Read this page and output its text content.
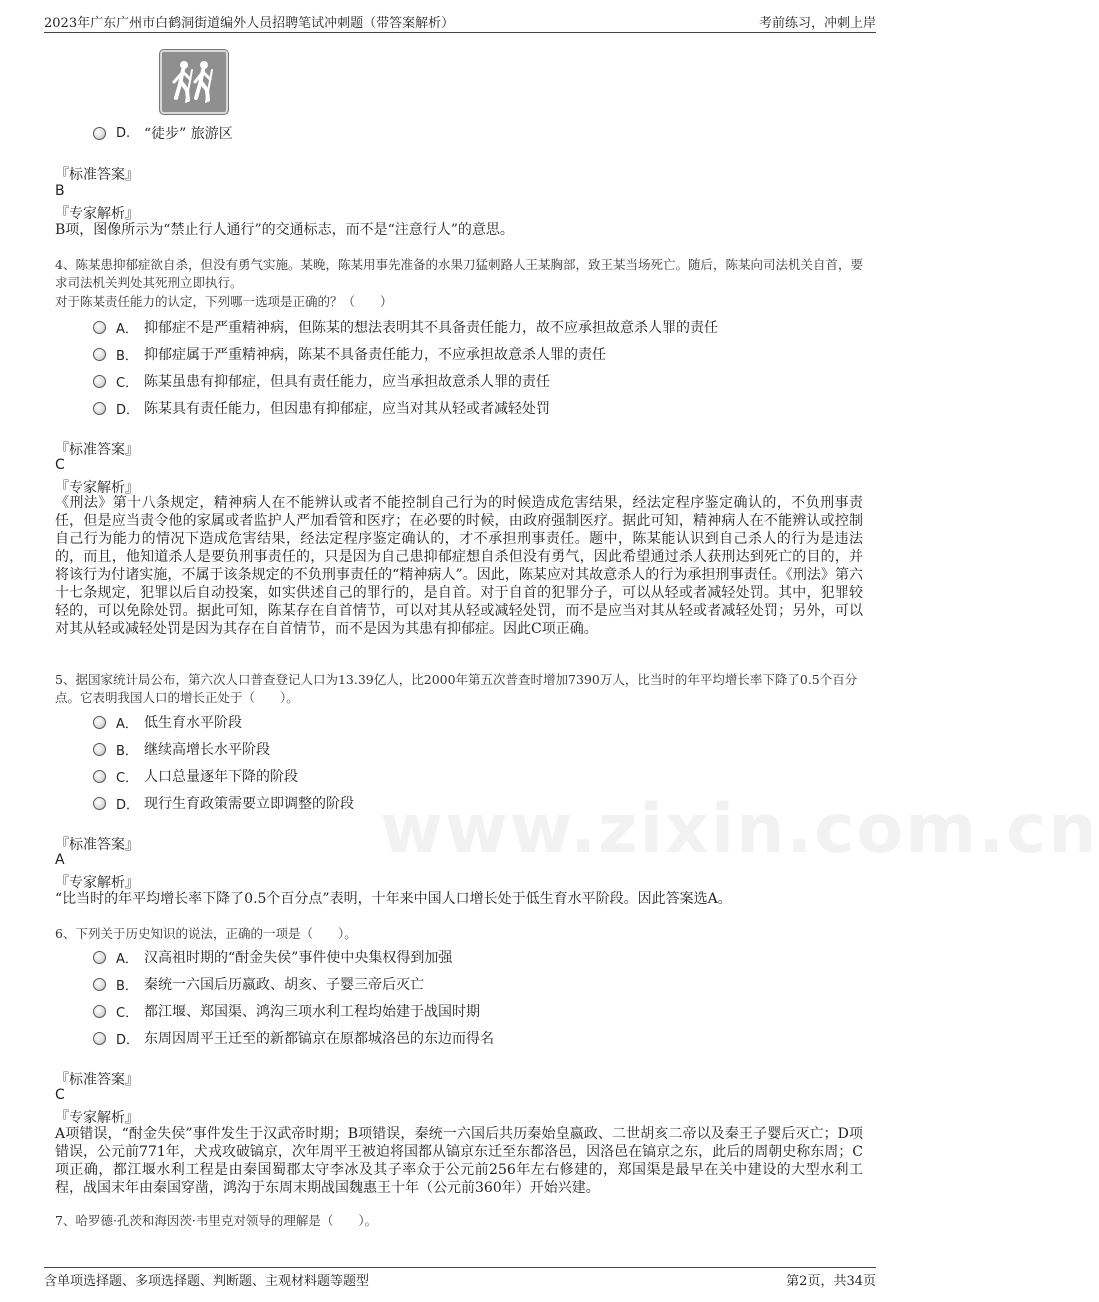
2023年广东广州市白鹤洞街道编外人员招聘笔试冲刺题（带答案解析）	考前练习，冲刺上岸
www.zixin.com.cn
D. “徒步” 旅游区
『标准答案』
B
『专家解析』
B项，图像所示为“禁止行人通行”的交通标志，而不是“注意行人”的意思。
4、陈某患抑郁症欲自杀，但没有勇气实施。某晚，陈某用事先准备的水果刀猛刺路人王某胸部，致王某当场死亡。随后，陈某向司法机关自首，要求司法机关判处其死刑立即执行。
对于陈某责任能力的认定，下列哪一选项是正确的？（　　）
A． 抑郁症不是严重精神病，但陈某的想法表明其不具备责任能力，故不应承担故意杀人罪的责任
B． 抑郁症属于严重精神病，陈某不具备责任能力，不应承担故意杀人罪的责任
C． 陈某虽患有抑郁症，但具有责任能力，应当承担故意杀人罪的责任
D． 陈某具有责任能力，但因患有抑郁症，应当对其从轻或者减轻处罚
『标准答案』
C
『专家解析』
《刑法》第十八条规定，精神病人在不能辨认或者不能控制自己行为的时候造成危害结果，经法定程序鉴定确认的，不负刑事责任，但是应当责令他的家属或者监护人严加看管和医疗；在必要的时候，由政府强制医疗。据此可知，精神病人在不能辨认或控制自己行为能力的情况下造成危害结果，经法定程序鉴定确认的，才不承担刑事责任。题中，陈某能认识到自己杀人的行为是违法的，而且，他知道杀人是要负刑事责任的，只是因为自己患抑郁症想自杀但没有勇气，因此希望通过杀人获刑达到死亡的目的，并将该行为付诸实施，不属于该条规定的不负刑事责任的“精神病人”。因此，陈某应对其故意杀人的行为承担刑事责任。《刑法》第六十七条规定，犯罪以后自动投案，如实供述自己的罪行的，是自首。对于自首的犯罪分子，可以从轻或者减轻处罚。其中，犯罪较轻的，可以免除处罚。据此可知，陈某存在自首情节，可以对其从轻或减轻处罚，而不是应当对其从轻或者减轻处罚；另外，可以对其从轻或减轻处罚是因为其存在自首情节，而不是因为其患有抑郁症。因此C项正确。
5、据国家统计局公布，第六次人口普查登记人口为13.39亿人，比2000年第五次普查时增加7390万人，比当时的年平均增长率下降了0.5个百分点。它表明我国人口的增长正处于（　　）。
A． 低生育水平阶段
B． 继续高增长水平阶段
C． 人口总量逐年下降的阶段
D． 现行生育政策需要立即调整的阶段
『标准答案』
A
『专家解析』
“比当时的年平均增长率下降了0.5个百分点”表明，十年来中国人口增长处于低生育水平阶段。因此答案选A。
6、下列关于历史知识的说法，正确的一项是（　　）。
A． 汉高祖时期的“酎金失侯”事件使中央集权得到加强
B． 秦统一六国后历嬴政、胡亥、子婴三帝后灭亡
C． 都江堰、郑国渠、鸿沟三项水利工程均始建于战国时期
D． 东周因周平王迁至的新都镐京在原都城洛邑的东边而得名
『标准答案』
C
『专家解析』
A项错误，“酎金失侯”事件发生于汉武帝时期；B项错误，秦统一六国后共历秦始皇嬴政、二世胡亥二帝以及秦王子婴后灭亡；D项错误，公元前771年，犬戎攻破镐京，次年周平王被迫将国都从镐京东迁至东都洛邑，因洛邑在镐京之东，此后的周朝史称东周；C项正确，都江堰水利工程是由秦国蜀郡太守李冰及其子率众于公元前256年左右修建的，郑国渠是最早在关中建设的大型水利工程，战国末年由秦国穿凿，鸿沟于东周末期战国魏惠王十年（公元前360年）开始兴建。
7、哈罗德·孔茨和海因茨·韦里克对领导的理解是（　　）。
含单项选择题、多项选择题、判断题、主观材料题等题型	第2页，共34页
